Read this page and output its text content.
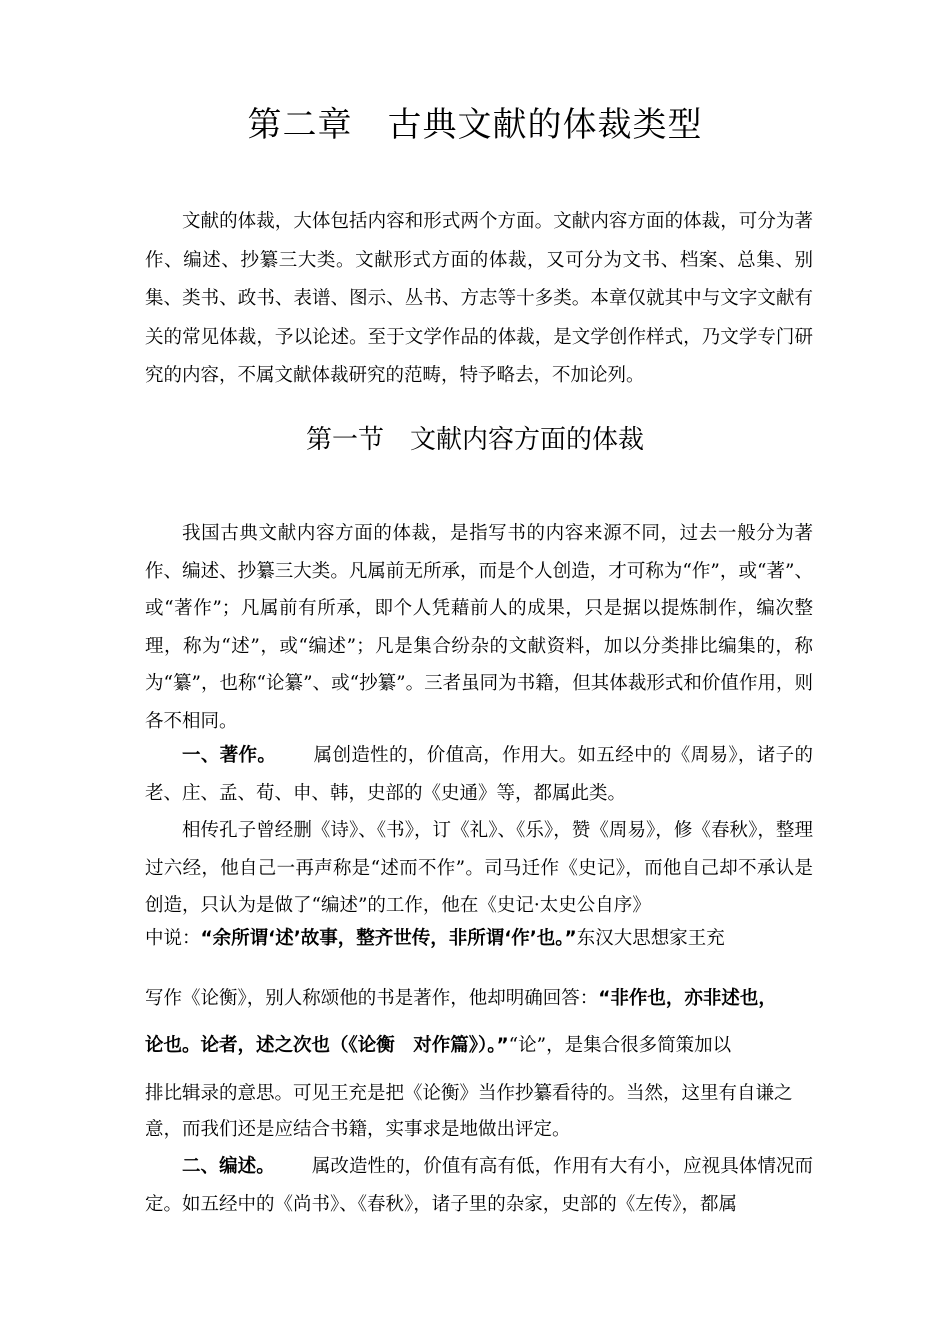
第二章　古典文献的体裁类型

文献的体裁，大体包括内容和形式两个方面。文献内容方面的体裁，可分为著作、编述、抄纂三大类。文献形式方面的体裁，又可分为文书、档案、总集、别集、类书、政书、表谱、图示、丛书、方志等十多类。本章仅就其中与文字文献有关的常见体裁，予以论述。至于文学作品的体裁，是文学创作样式，乃文学专门研究的内容，不属文献体裁研究的范畴，特予略去，不加论列。

第一节　文献内容方面的体裁

我国古典文献内容方面的体裁，是指写书的内容来源不同，过去一般分为著作、编述、抄纂三大类。凡属前无所承，而是个人创造，才可称为“作”，或“著”、或“著作”；凡属前有所承，即个人凭藉前人的成果，只是据以提炼制作，编次整理，称为“述”，或“编述”；凡是集合纷杂的文献资料，加以分类排比编集的，称为“纂”，也称“论纂”、或“抄纂”。三者虽同为书籍，但其体裁形式和价值作用，则各不相同。

一、著作。 属创造性的，价值高，作用大。如五经中的《周易》，诸子的老、庄、孟、荀、申、韩，史部的《史通》等，都属此类。

相传孔子曾经删《诗》、《书》，订《礼》、《乐》，赞《周易》，修《春秋》，整理过六经，他自己一再声称是“述而不作”。司马迁作《史记》，而他自己却不承认是创造，只认为是做了“编述”的工作，他在《史记·太史公自序》

中说：“余所谓‘述’故事，整齐世传，非所谓‘作’也。”东汉大思想家王充
写作《论衡》，别人称颂他的书是著作，他却明确回答：“非作也，亦非述也，
论也。论者，述之次也（《论衡　对作篇》）。”“论”，是集合很多简策加以
排比辑录的意思。可见王充是把《论衡》当作抄纂看待的。当然，这里有自谦之
意，而我们还是应结合书籍，实事求是地做出评定。

二、编述。 属改造性的，价值有高有低，作用有大有小，应视具体情况而定。如五经中的《尚书》、《春秋》，诸子里的杂家，史部的《左传》，都属
